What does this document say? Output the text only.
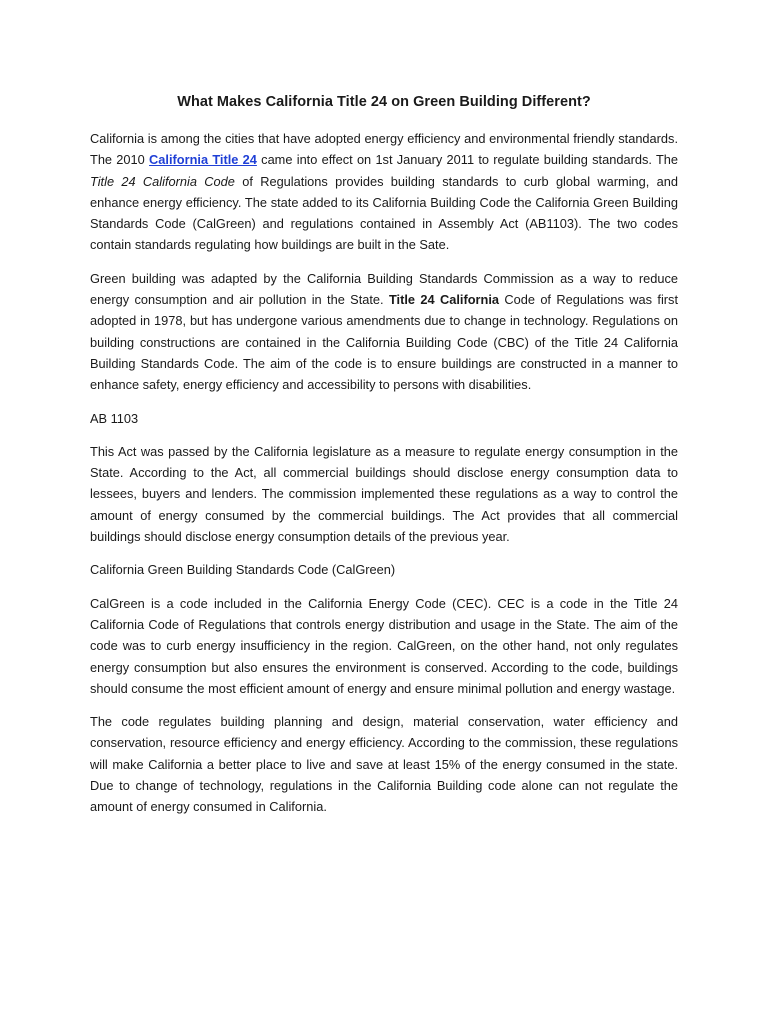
What Makes California Title 24 on Green Building Different?

California is among the cities that have adopted energy efficiency and environmental friendly standards. The 2010 California Title 24 came into effect on 1st January 2011 to regulate building standards. The Title 24 California Code of Regulations provides building standards to curb global warming, and enhance energy efficiency. The state added to its California Building Code the California Green Building Standards Code (CalGreen) and regulations contained in Assembly Act (AB1103). The two codes contain standards regulating how buildings are built in the Sate.

Green building was adapted by the California Building Standards Commission as a way to reduce energy consumption and air pollution in the State. Title 24 California Code of Regulations was first adopted in 1978, but has undergone various amendments due to change in technology. Regulations on building constructions are contained in the California Building Code (CBC) of the Title 24 California Building Standards Code. The aim of the code is to ensure buildings are constructed in a manner to enhance safety, energy efficiency and accessibility to persons with disabilities.

AB 1103

This Act was passed by the California legislature as a measure to regulate energy consumption in the State. According to the Act, all commercial buildings should disclose energy consumption data to lessees, buyers and lenders. The commission implemented these regulations as a way to control the amount of energy consumed by the commercial buildings. The Act provides that all commercial buildings should disclose energy consumption details of the previous year.

California Green Building Standards Code (CalGreen)

CalGreen is a code included in the California Energy Code (CEC). CEC is a code in the Title 24 California Code of Regulations that controls energy distribution and usage in the State. The aim of the code was to curb energy insufficiency in the region. CalGreen, on the other hand, not only regulates energy consumption but also ensures the environment is conserved. According to the code, buildings should consume the most efficient amount of energy and ensure minimal pollution and energy wastage.

The code regulates building planning and design, material conservation, water efficiency and conservation, resource efficiency and energy efficiency. According to the commission, these regulations will make California a better place to live and save at least 15% of the energy consumed in the state. Due to change of technology, regulations in the California Building code alone can not regulate the amount of energy consumed in California.
